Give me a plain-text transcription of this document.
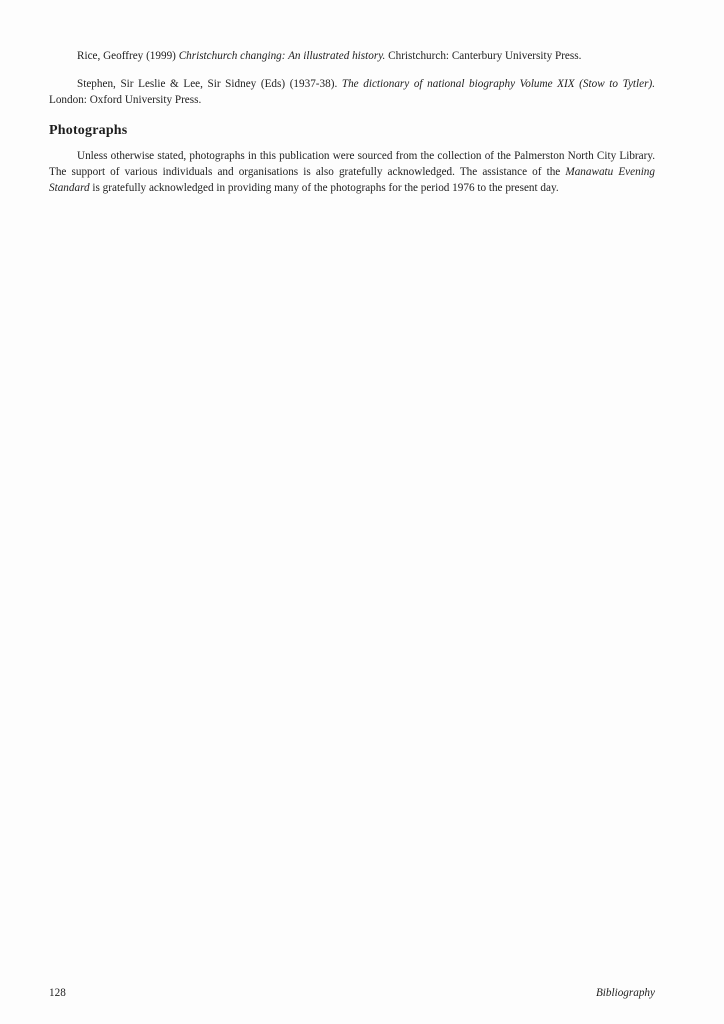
Rice, Geoffrey (1999) Christchurch changing: An illustrated history. Christchurch: Canterbury University Press.

Stephen, Sir Leslie & Lee, Sir Sidney (Eds) (1937-38). The dictionary of national biography Volume XIX (Stow to Tytler). London: Oxford University Press.

Photographs

Unless otherwise stated, photographs in this publication were sourced from the collection of the Palmerston North City Library. The support of various individuals and organisations is also gratefully acknowledged. The assistance of the Manawatu Evening Standard is gratefully acknowledged in providing many of the photographs for the period 1976 to the present day.

128	Bibliography
